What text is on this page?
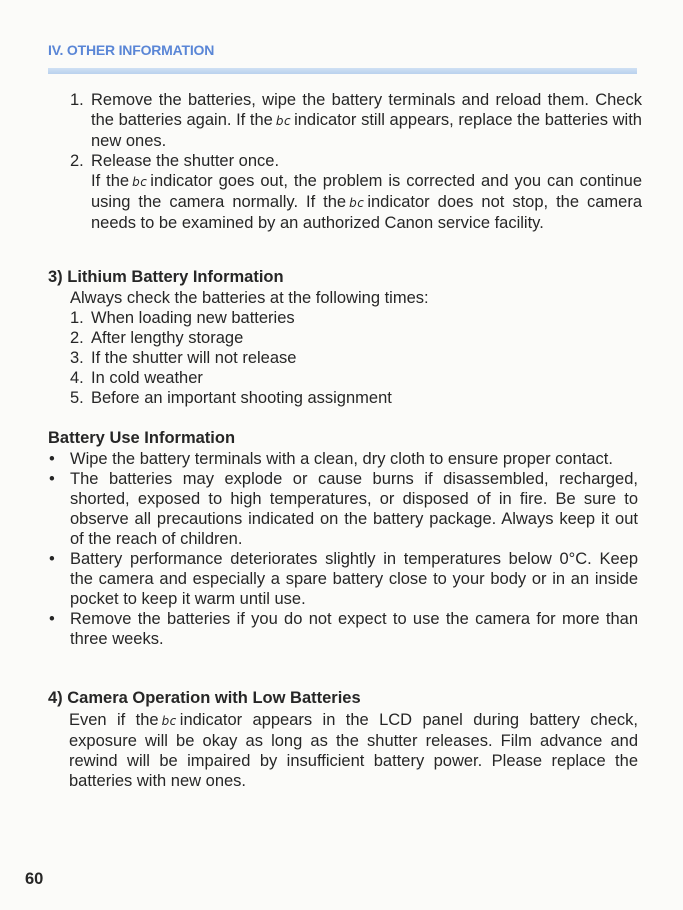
IV. OTHER INFORMATION
1. Remove the batteries, wipe the battery terminals and reload them. Check the batteries again. If the bc indicator still appears, replace the batteries with new ones.
2. Release the shutter once.
If the bc indicator goes out, the problem is corrected and you can continue using the camera normally. If the bc indicator does not stop, the camera needs to be examined by an authorized Canon service facility.
3) Lithium Battery Information
Always check the batteries at the following times:
1. When loading new batteries
2. After lengthy storage
3. If the shutter will not release
4. In cold weather
5. Before an important shooting assignment
Battery Use Information
• Wipe the battery terminals with a clean, dry cloth to ensure proper contact.
• The batteries may explode or cause burns if disassembled, recharged, shorted, exposed to high temperatures, or disposed of in fire. Be sure to observe all precautions indicated on the battery package. Always keep it out of the reach of children.
• Battery performance deteriorates slightly in temperatures below 0°C. Keep the camera and especially a spare battery close to your body or in an inside pocket to keep it warm until use.
• Remove the batteries if you do not expect to use the camera for more than three weeks.
4) Camera Operation with Low Batteries
Even if the bc indicator appears in the LCD panel during battery check, exposure will be okay as long as the shutter releases. Film advance and rewind will be impaired by insufficient battery power. Please replace the batteries with new ones.
60
